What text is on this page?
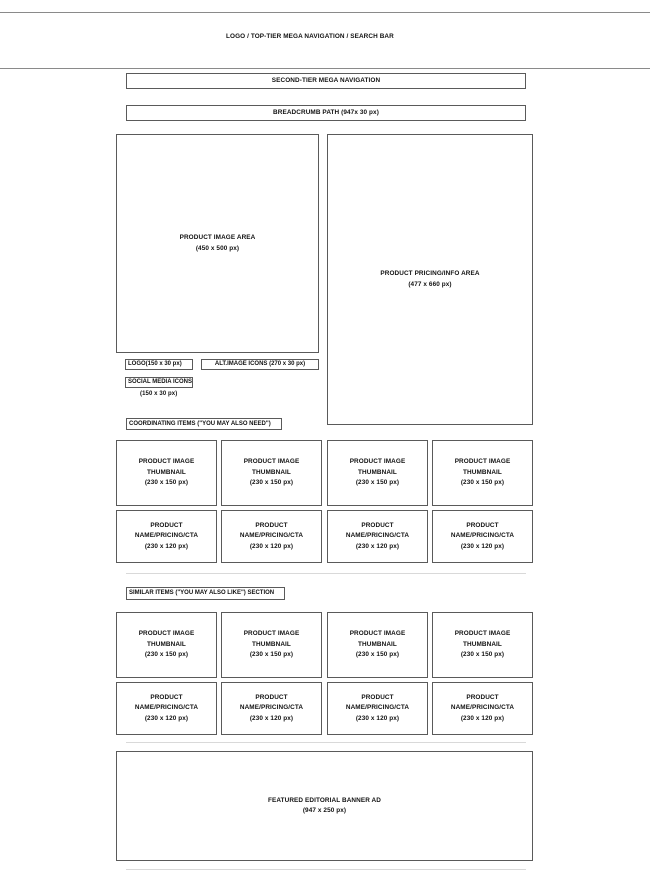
LOGO / TOP-TIER MEGA NAVIGATION / SEARCH BAR
SECOND-TIER MEGA NAVIGATION
BREADCRUMB PATH (947x 30 px)
PRODUCT IMAGE AREA
(450 x 500 px)
PRODUCT PRICING/INFO AREA
(477 x 660 px)
LOGO(150 x 30 px)	ALT.IMAGE ICONS (270 x 30 px)
SOCIAL MEDIA ICONS
(150 x 30 px)
COORDINATING ITEMS ("YOU MAY ALSO NEED")
PRODUCT IMAGE
THUMBNAIL
(230 x 150 px)
PRODUCT IMAGE
THUMBNAIL
(230 x 150 px)
PRODUCT IMAGE
THUMBNAIL
(230 x 150 px)
PRODUCT IMAGE
THUMBNAIL
(230 x 150 px)
PRODUCT
NAME/PRICING/CTA
(230 x 120 px)
PRODUCT
NAME/PRICING/CTA
(230 x 120 px)
PRODUCT
NAME/PRICING/CTA
(230 x 120 px)
PRODUCT
NAME/PRICING/CTA
(230 x 120 px)
SIMILAR ITEMS ("YOU MAY ALSO LIKE") SECTION
PRODUCT IMAGE
THUMBNAIL
(230 x 150 px)
PRODUCT IMAGE
THUMBNAIL
(230 x 150 px)
PRODUCT IMAGE
THUMBNAIL
(230 x 150 px)
PRODUCT IMAGE
THUMBNAIL
(230 x 150 px)
PRODUCT
NAME/PRICING/CTA
(230 x 120 px)
PRODUCT
NAME/PRICING/CTA
(230 x 120 px)
PRODUCT
NAME/PRICING/CTA
(230 x 120 px)
PRODUCT
NAME/PRICING/CTA
(230 x 120 px)
FEATURED EDITORIAL BANNER AD
(947 x 250 px)
